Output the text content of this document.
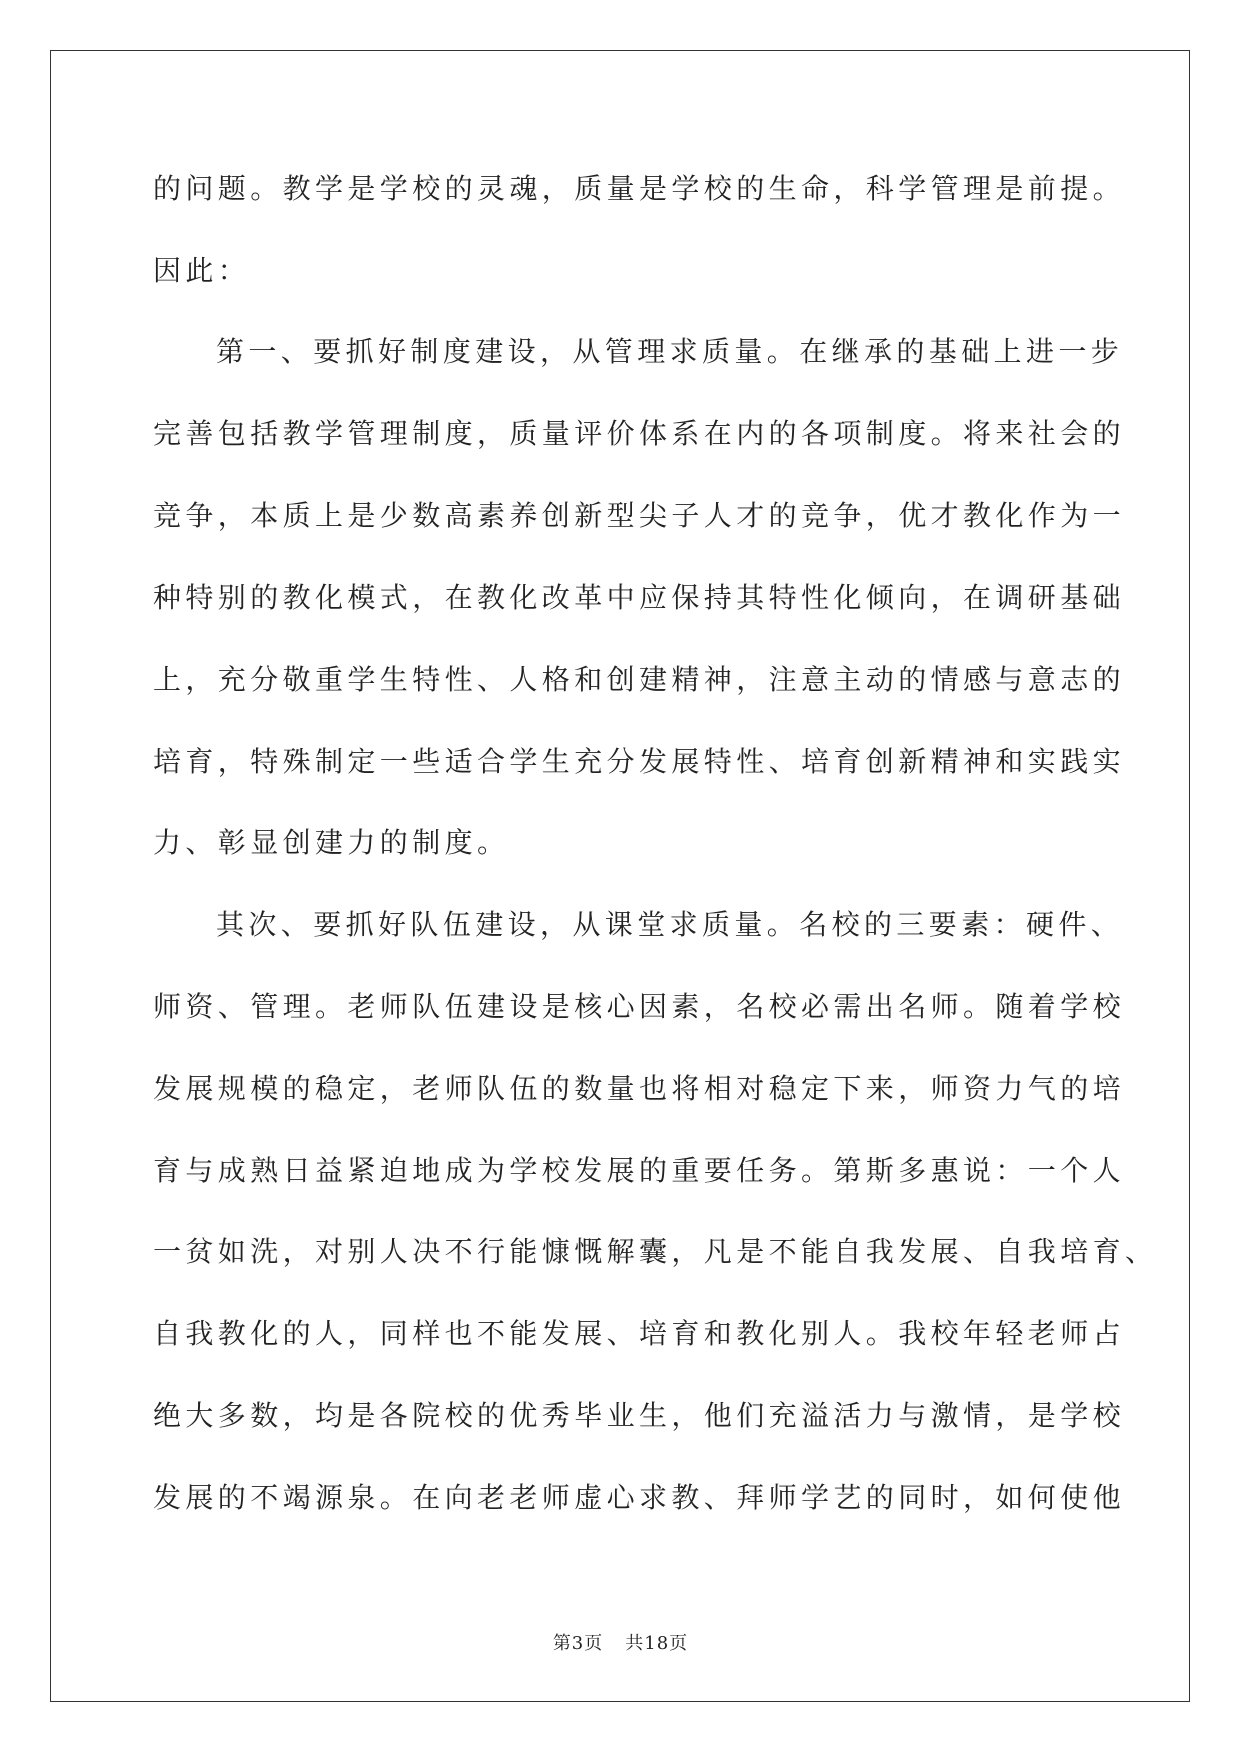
的问题。教学是学校的灵魂，质量是学校的生命，科学管理是前提。
因此：
第一、要抓好制度建设，从管理求质量。在继承的基础上进一步
完善包括教学管理制度，质量评价体系在内的各项制度。将来社会的
竞争，本质上是少数高素养创新型尖子人才的竞争，优才教化作为一
种特别的教化模式，在教化改革中应保持其特性化倾向，在调研基础
上，充分敬重学生特性、人格和创建精神，注意主动的情感与意志的
培育，特殊制定一些适合学生充分发展特性、培育创新精神和实践实
力、彰显创建力的制度。
其次、要抓好队伍建设，从课堂求质量。名校的三要素：硬件、
师资、管理。老师队伍建设是核心因素，名校必需出名师。随着学校
发展规模的稳定，老师队伍的数量也将相对稳定下来，师资力气的培
育与成熟日益紧迫地成为学校发展的重要任务。第斯多惠说：一个人
一贫如洗，对别人决不行能慷慨解囊，凡是不能自我发展、自我培育、
自我教化的人，同样也不能发展、培育和教化别人。我校年轻老师占
绝大多数，均是各院校的优秀毕业生，他们充溢活力与激情，是学校
发展的不竭源泉。在向老老师虚心求教、拜师学艺的同时，如何使他
第3页 共18页
